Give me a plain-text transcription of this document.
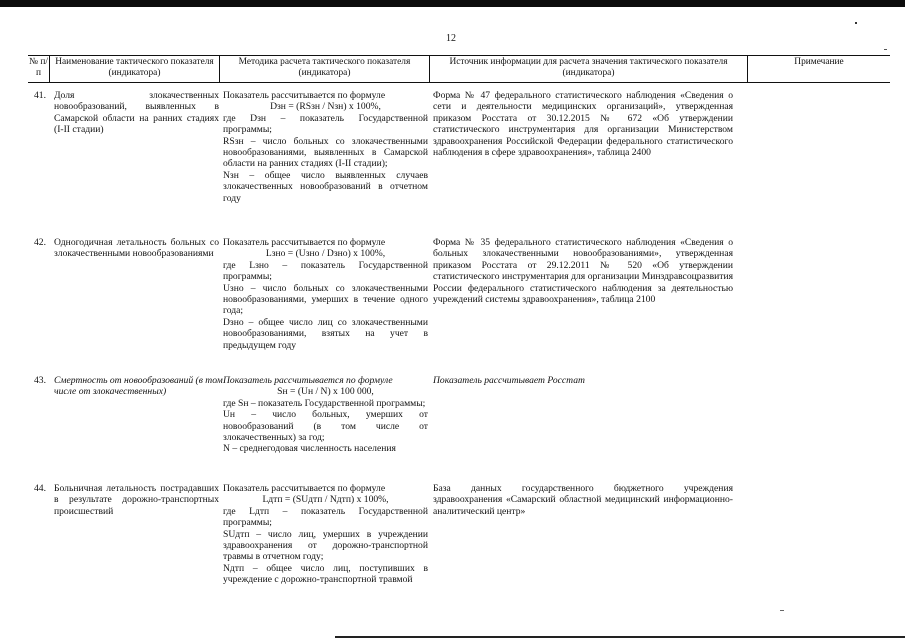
12
№ п/п
Наименование тактического показателя (индикатора)
Методика расчета тактического показателя (индикатора)
Источник информации для расчета значения тактического показателя (индикатора)
Примечание
41. Доля злокачественных новообразований, выявленных в Самарской области на ранних стадиях (I-II стадии)
Показатель рассчитывается по формуле
Dзн = (RSзн / Nзн) х 100%,
где Dзн – показатель Государственной программы;
RSзн – число больных со злокачественными новообразованиями, выявленных в Самарской области на ранних стадиях (I-II стадии);
Nзн – общее число выявленных случаев злокачественных новообразований в отчетном году
Форма № 47 федерального статистического наблюдения «Сведения о сети и деятельности медицинских организаций», утвержденная приказом Росстата от 30.12.2015 № 672 «Об утверждении статистического инструментария для организации Министерством здравоохранения Российской Федерации федерального статистического наблюдения в сфере здравоохранения», таблица 2400
42. Одногодичная летальность больных со злокачественными новообразованиями
Показатель рассчитывается по формуле
Lзно = (Uзно / Dзно) х 100%,
где Lзно – показатель Государственной программы;
Uзно – число больных со злокачественными новообразованиями, умерших в течение одного года;
Dзно – общее число лиц со злокачественными новообразованиями, взятых на учет в предыдущем году
Форма № 35 федерального статистического наблюдения «Сведения о больных злокачественными новообразованиями», утвержденная приказом Росстата от 29.12.2011 № 520 «Об утверждении статистического инструментария для организации Минздравсоцразвития России федерального статистического наблюдения за деятельностью учреждений системы здравоохранения», таблица 2100
43. Смертность от новообразований (в том числе от злокачественных)
Показатель рассчитывается по формуле
Sн = (Uн / N) х 100 000,
где Sн – показатель Государственной программы;
Uн – число больных, умерших от новообразований (в том числе от злокачественных) за год;
N – среднегодовая численность населения
Показатель рассчитывает Росстат
44. Больничная летальность пострадавших в результате дорожно-транспортных происшествий
Показатель рассчитывается по формуле
Lдтп = (SUдтп / Nдтп) х 100%,
где Lдтп – показатель Государственной программы;
SUдтп – число лиц, умерших в учреждении здравоохранения от дорожно-транспортной травмы в отчетном году;
Nдтп – общее число лиц, поступивших в учреждение с дорожно-транспортной травмой
База данных государственного бюджетного учреждения здравоохранения «Самарский областной медицинский информационно-аналитический центр»
